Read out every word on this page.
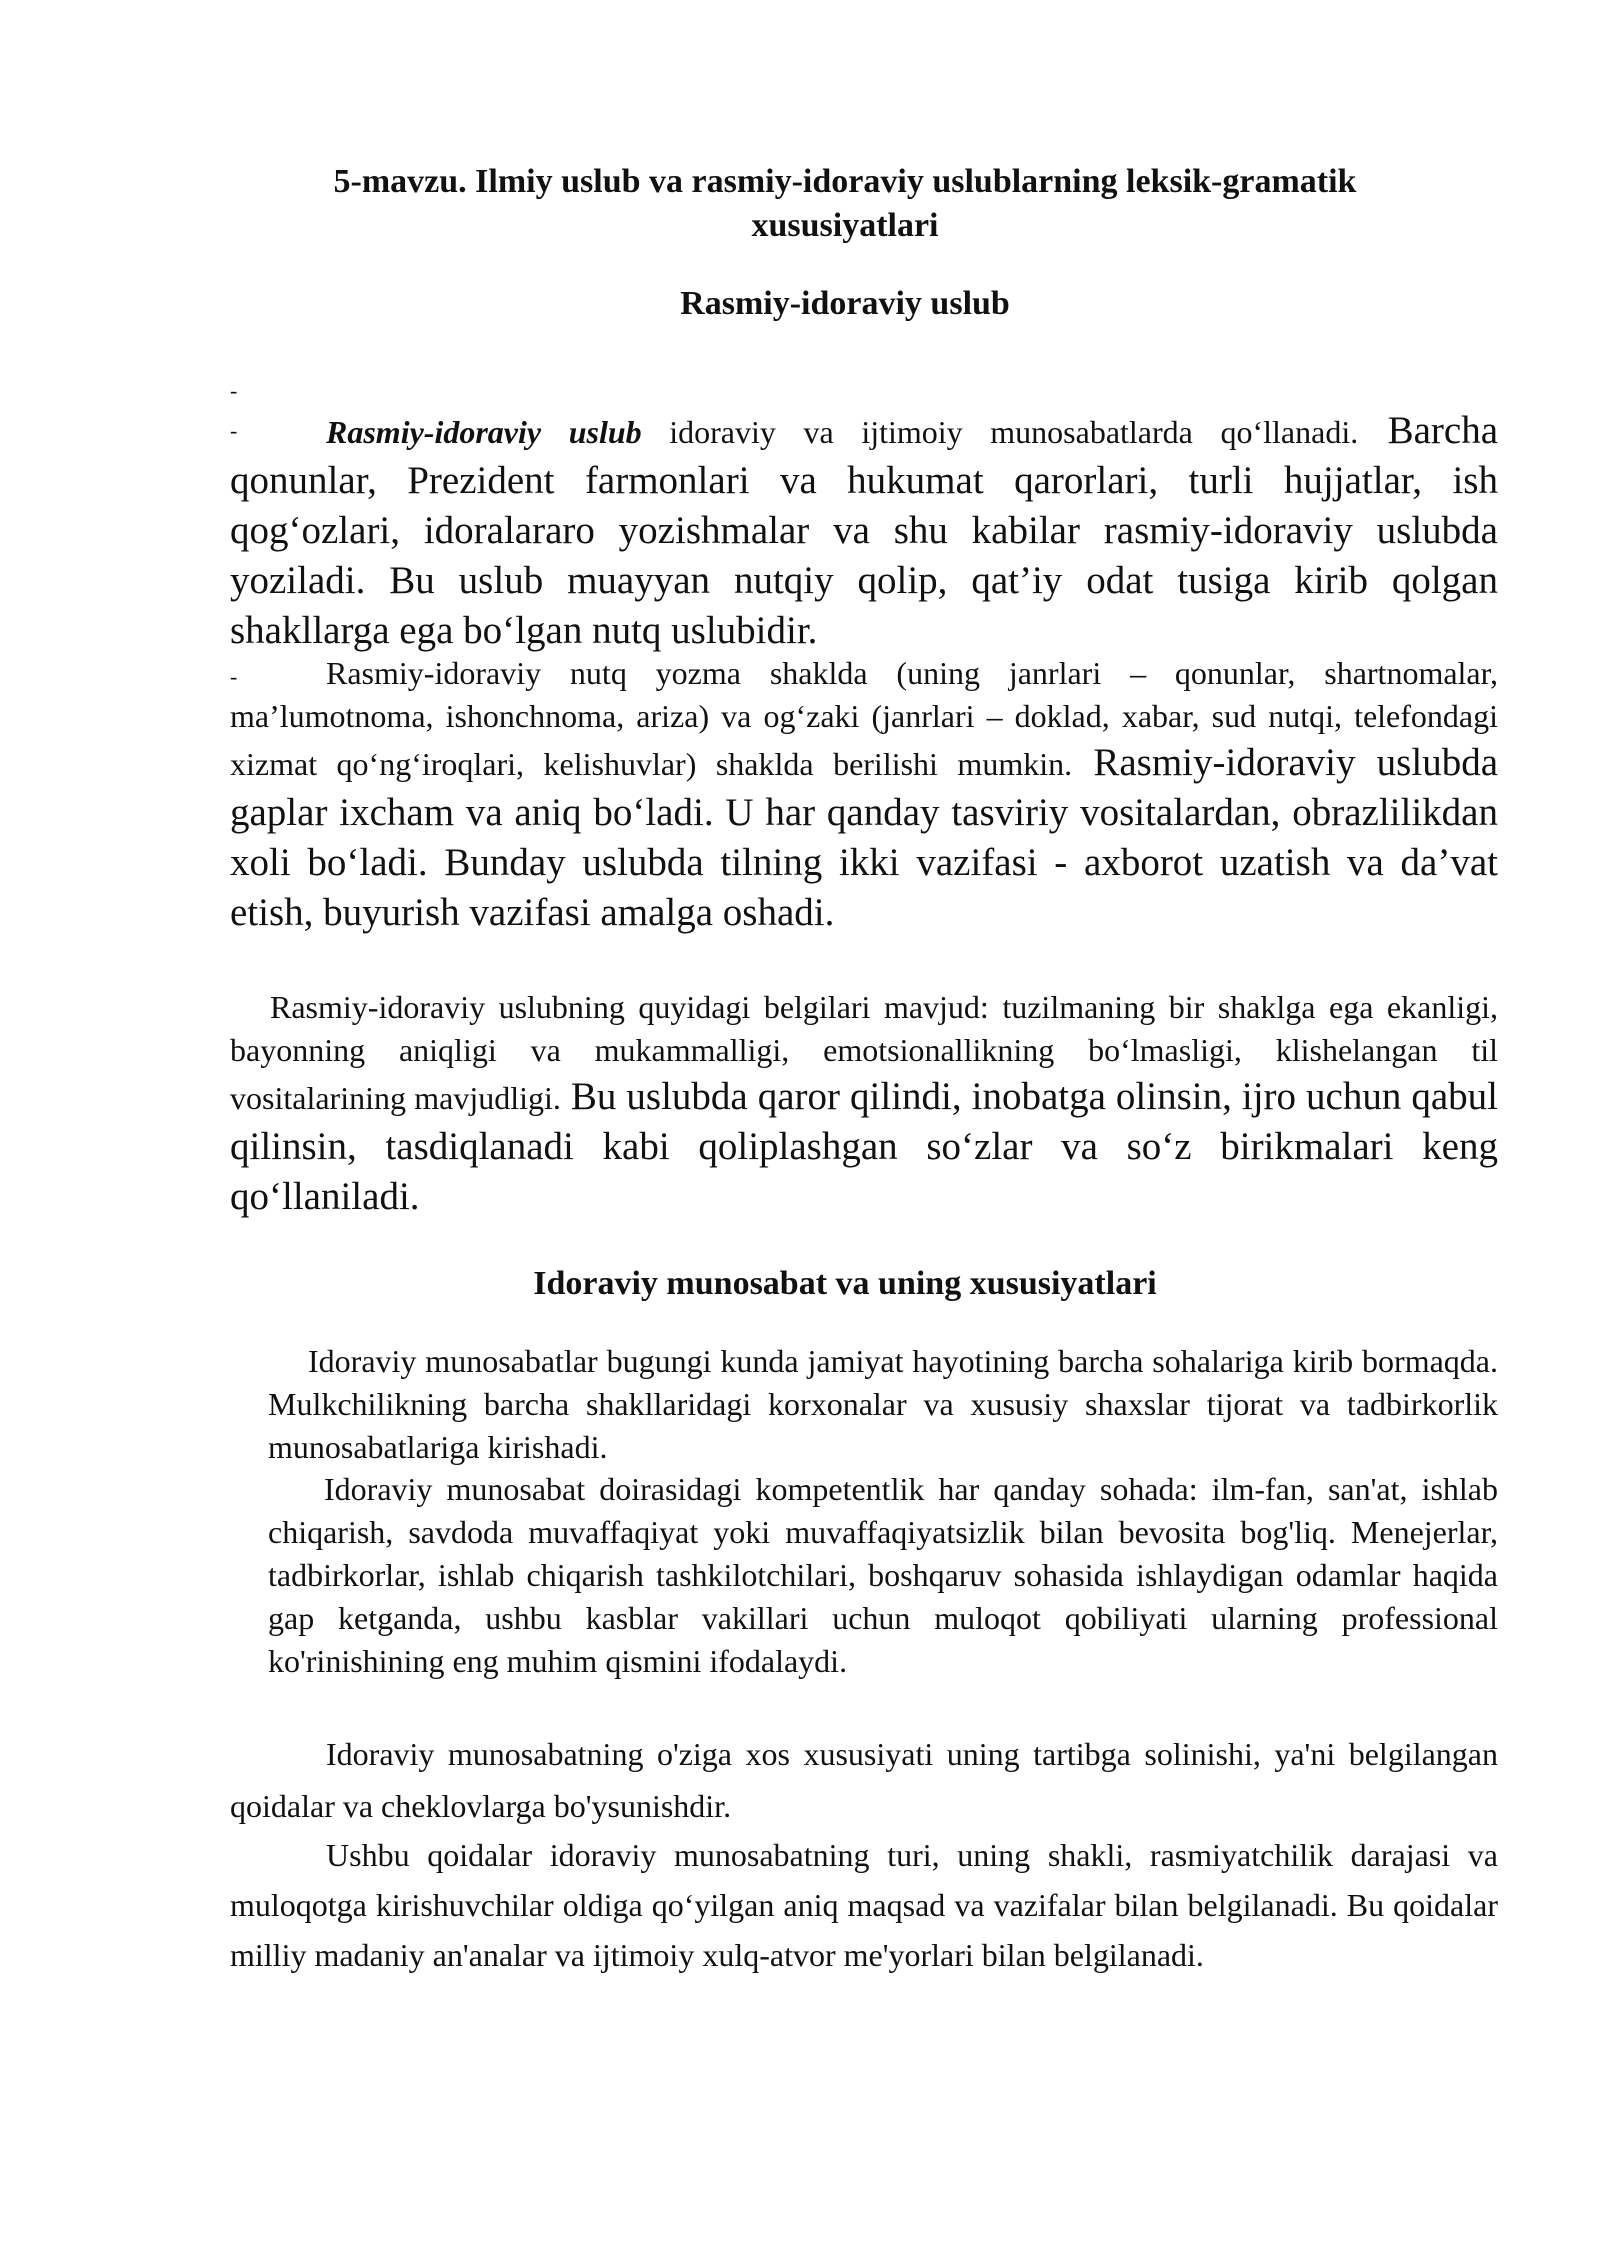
5-mavzu. Ilmiy uslub va rasmiy-idoraviy uslublarning leksik-gramatik
xususiyatlari
Rasmiy-idoraviy uslub
-
-
-
Rasmiy-idoraviy uslub idoraviy va ijtimoiy munosabatlarda qo‘llanadi. Barcha qonunlar, Prezident farmonlari va hukumat qarorlari, turli hujjatlar, ish qog‘ozlari, idoralararo yozishmalar va shu kabilar rasmiy-idoraviy uslubda yoziladi. Bu uslub muayyan nutqiy qolip, qat’iy odat tusiga kirib qolgan shakllarga ega bo‘lgan nutq uslubidir.
Rasmiy-idoraviy nutq yozma shaklda (uning janrlari – qonunlar, shartnomalar, ma’lumotnoma, ishonchnoma, ariza) va og‘zaki (janrlari – doklad, xabar, sud nutqi, telefondagi xizmat qo‘ng‘iroqlari, kelishuvlar) shaklda berilishi mumkin. Rasmiy-idoraviy uslubda gaplar ixcham va aniq bo‘ladi. U har qanday tasviriy vositalardan, obrazlilikdan xoli bo‘ladi. Bunday uslubda tilning ikki vazifasi - axborot uzatish va da’vat etish, buyurish vazifasi amalga oshadi.
Rasmiy-idoraviy uslubning quyidagi belgilari mavjud: tuzilmaning bir shaklga ega ekanligi, bayonning aniqligi va mukammalligi, emotsionallikning bo‘lmasligi, klishelangan til vositalarining mavjudligi. Bu uslubda qaror qilindi, inobatga olinsin, ijro uchun qabul qilinsin, tasdiqlanadi kabi qoliplashgan so‘zlar va so‘z birikmalari keng qo‘llaniladi.
Idoraviy munosabat va uning xususiyatlari
Idoraviy munosabatlar bugungi kunda jamiyat hayotining barcha sohalariga kirib bormaqda. Mulkchilikning barcha shakllaridagi korxonalar va xususiy shaxslar tijorat va tadbirkorlik munosabatlariga kirishadi.
Idoraviy munosabat doirasidagi kompetentlik har qanday sohada: ilm-fan, san'at, ishlab chiqarish, savdoda muvaffaqiyat yoki muvaffaqiyatsizlik bilan bevosita bog'liq. Menejerlar, tadbirkorlar, ishlab chiqarish tashkilotchilari, boshqaruv sohasida ishlaydigan odamlar haqida gap ketganda, ushbu kasblar vakillari uchun muloqot qobiliyati ularning professional ko'rinishining eng muhim qismini ifodalaydi.
Idoraviy munosabatning o'ziga xos xususiyati uning tartibga solinishi, ya'ni belgilangan qoidalar va cheklovlarga bo'ysunishdir.
Ushbu qoidalar idoraviy munosabatning turi, uning shakli, rasmiyatchilik darajasi va muloqotga kirishuvchilar oldiga qo‘yilgan aniq maqsad va vazifalar bilan belgilanadi. Bu qoidalar milliy madaniy an'analar va ijtimoiy xulq-atvor me'yorlari bilan belgilanadi.
